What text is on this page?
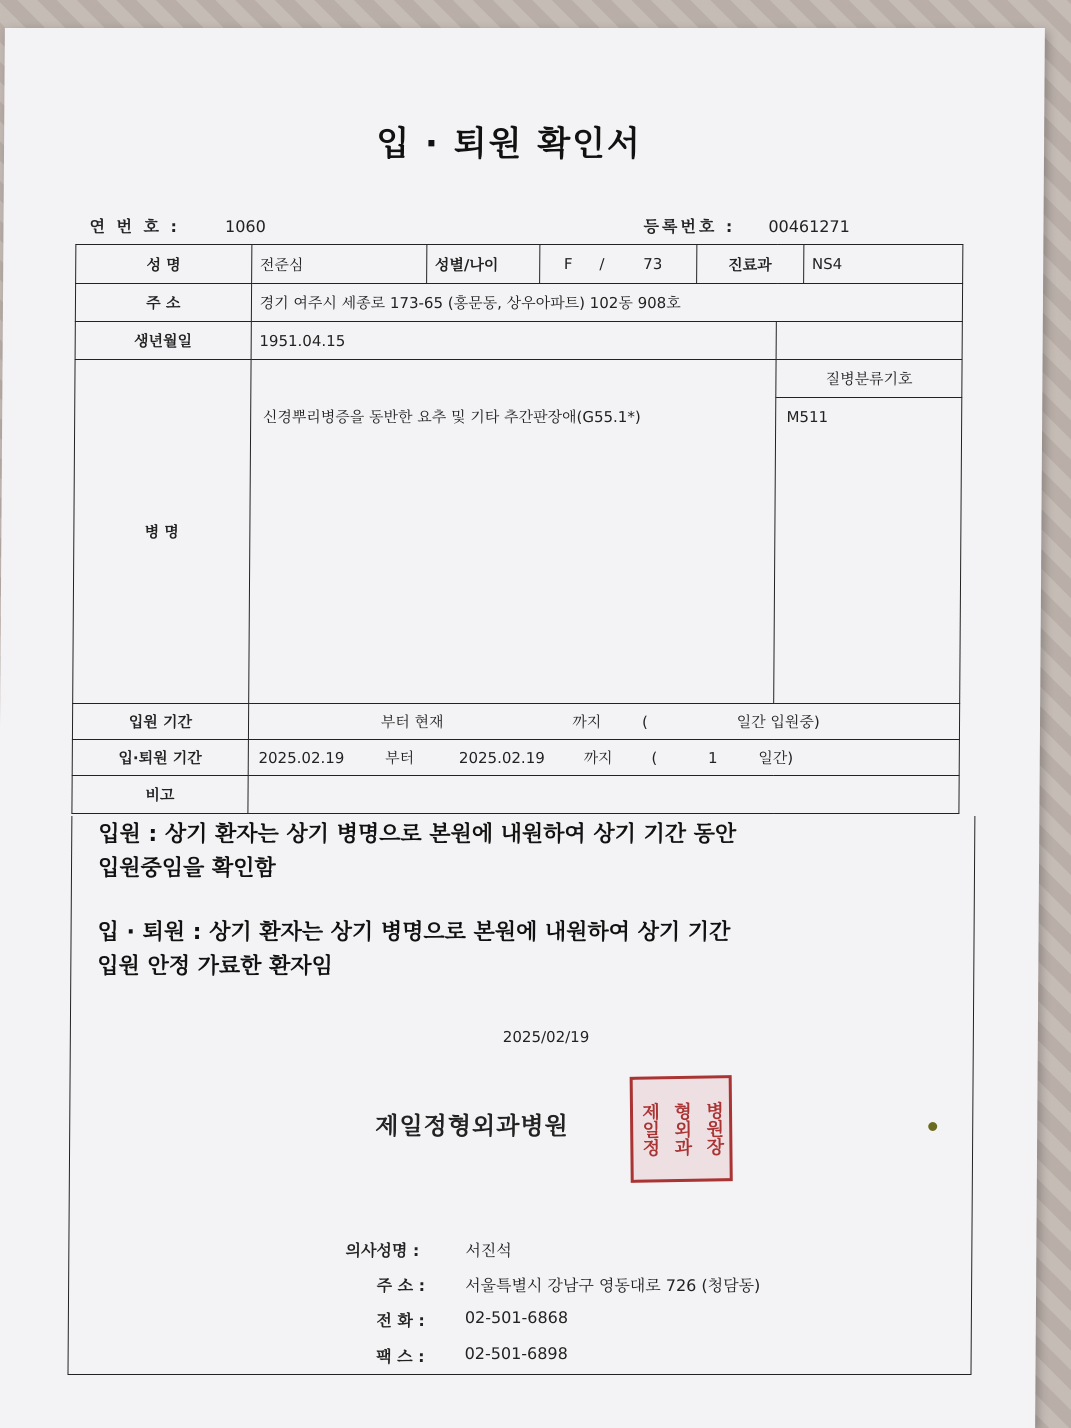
입 · 퇴원 확인서
연 번 호 :	1060	등록번호 : 00461271
성 명		전준심	성별/나이	F /	73	진료과	NS4

주 소	경기 여주시 세종로 173-65 (홍문동, 상우아파트) 102동 908호
생년월일	1951.04.15	
병 명	신경뿌리병증을 동반한 요추 및 기타 추간판장애(G55.1*)	질병분류기호
M511
입원 기간	부터 현재	까지	(	일간 입원중)
입·퇴원 기간	2025.02.19	부터	2025.02.19	까지	(	1	일간)
비고	
입원 : 상기 환자는 상기 병명으로 본원에 내원하여 상기 기간 동안
입원중임을 확인함
입 · 퇴원 : 상기 환자는 상기 병명으로 본원에 내원하여 상기 기간
입원 안정 가료한 환자임
2025/02/19
제일정형외과병원	제일정 형외과 병원장
의사성명 :	서진석
주 소 : 서울특별시 강남구 영동대로 726 (청담동)
전 화 : 02-501-6868
팩 스 : 02-501-6898
